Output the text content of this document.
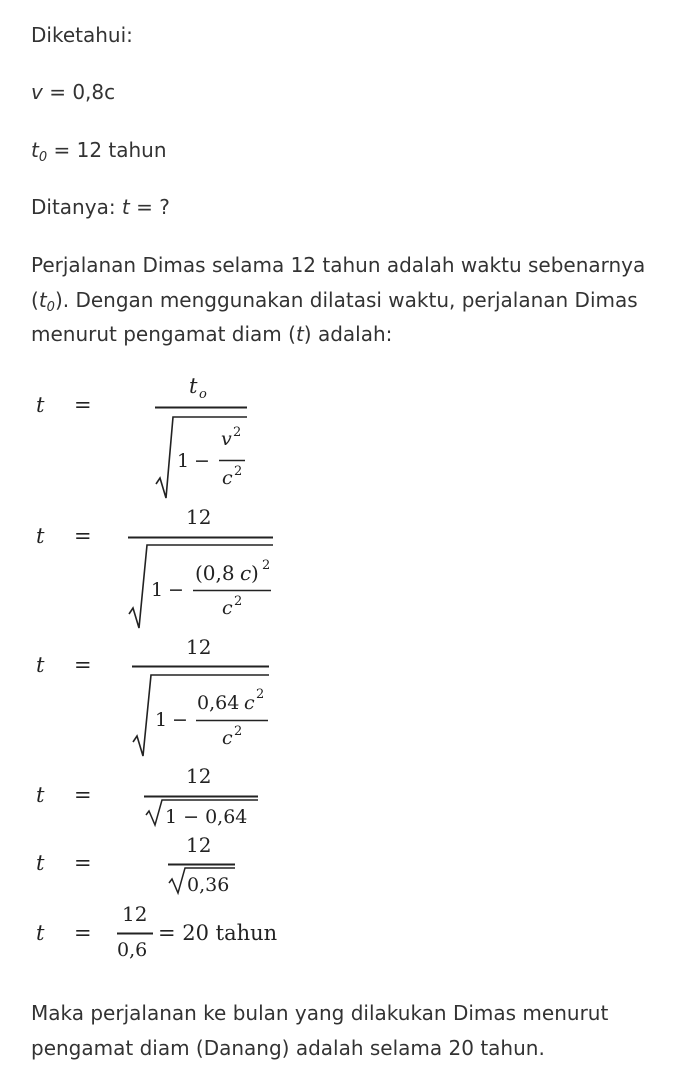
Diketahui:

v = 0,8c

$t_0 = 12$ tahun

Ditanya: t = ?

Perjalanan Dimas selama 12 tahun adalah waktu sebenarnya $(t_0)$. Dengan menggunakan dilatasi waktu, perjalanan Dimas menurut pengamat diam (t) adalah:

t =
t o
1 −
v 2
c 2
t =
12
1 −
(0,8 c ) 2
c 2
t =
12
1 −
0,64 c 2
c 2
t =
12
1 − 0,64
t =
12
0,36
t =
12
0,6
= 20 tahun

Maka perjalanan ke bulan yang dilakukan Dimas menurut pengamat diam (Danang) adalah selama 20 tahun.
